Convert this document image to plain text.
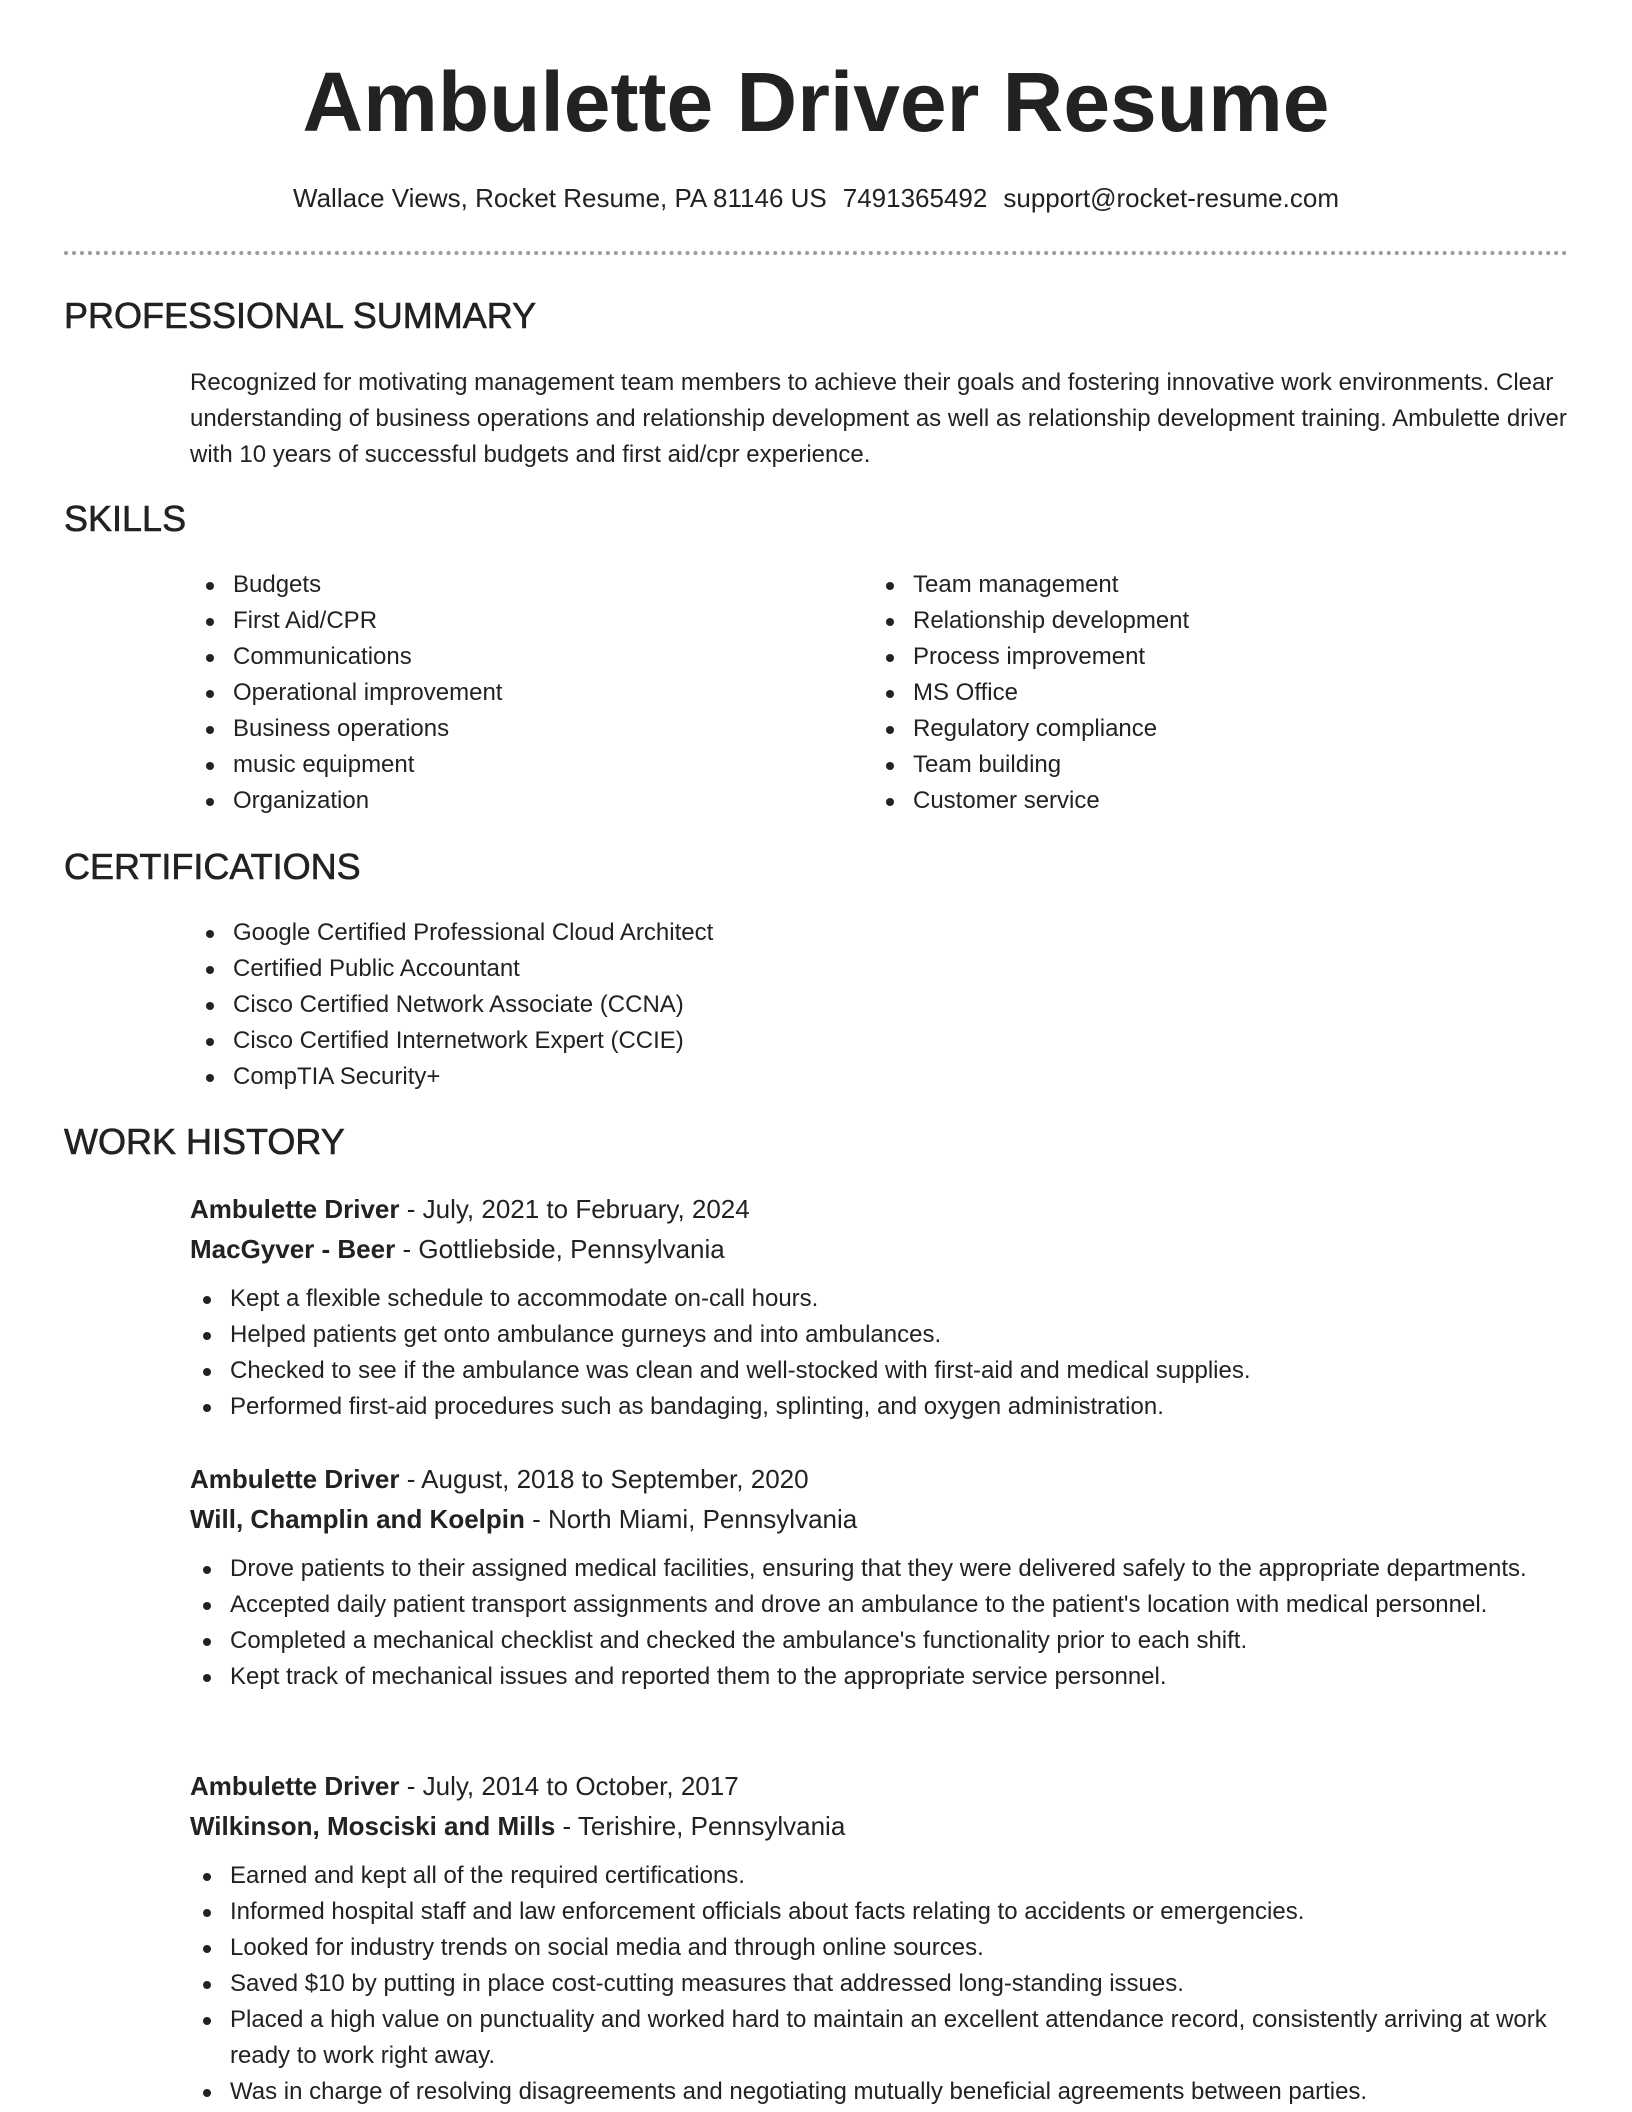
Ambulette Driver Resume
Wallace Views, Rocket Resume, PA 81146 US 7491365492 support@rocket-resume.com
PROFESSIONAL SUMMARY

Recognized for motivating management team members to achieve their goals and fostering innovative work environments. Clear understanding of business operations and relationship development as well as relationship development training. Ambulette driver with 10 years of successful budgets and first aid/cpr experience.

SKILLS
Budgets
First Aid/CPR
Communications
Operational improvement
Business operations
music equipment
Organization
Team management
Relationship development
Process improvement
MS Office
Regulatory compliance
Team building
Customer service
CERTIFICATIONS
Google Certified Professional Cloud Architect
Certified Public Accountant
Cisco Certified Network Associate (CCNA)
Cisco Certified Internetwork Expert (CCIE)
CompTIA Security+
WORK HISTORY
Ambulette Driver - July, 2021 to February, 2024
MacGyver - Beer - Gottliebside, Pennsylvania
Kept a flexible schedule to accommodate on-call hours.
Helped patients get onto ambulance gurneys and into ambulances.
Checked to see if the ambulance was clean and well-stocked with first-aid and medical supplies.
Performed first-aid procedures such as bandaging, splinting, and oxygen administration.
Ambulette Driver - August, 2018 to September, 2020
Will, Champlin and Koelpin - North Miami, Pennsylvania
Drove patients to their assigned medical facilities, ensuring that they were delivered safely to the appropriate departments.
Accepted daily patient transport assignments and drove an ambulance to the patient's location with medical personnel.
Completed a mechanical checklist and checked the ambulance's functionality prior to each shift.
Kept track of mechanical issues and reported them to the appropriate service personnel.
Ambulette Driver - July, 2014 to October, 2017
Wilkinson, Mosciski and Mills - Terishire, Pennsylvania
Earned and kept all of the required certifications.
Informed hospital staff and law enforcement officials about facts relating to accidents or emergencies.
Looked for industry trends on social media and through online sources.
Saved $10 by putting in place cost-cutting measures that addressed long-standing issues.
Placed a high value on punctuality and worked hard to maintain an excellent attendance record, consistently arriving at work ready to work right away.
Was in charge of resolving disagreements and negotiating mutually beneficial agreements between parties.
